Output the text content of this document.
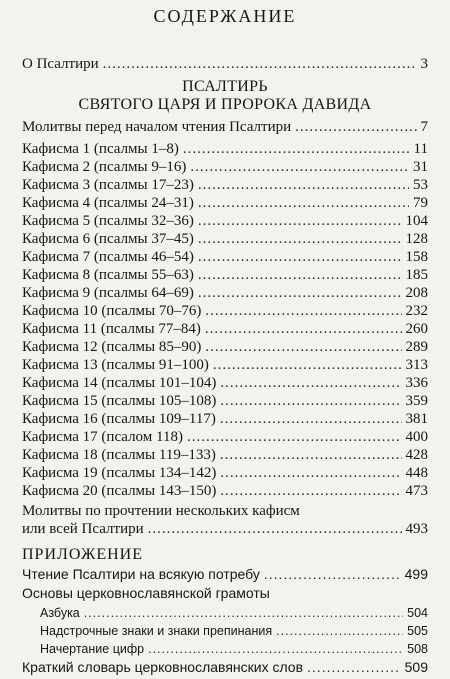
СОДЕРЖАНИЕ
О Псалтири .....	3
ПСАЛТИРЬ
СВЯТОГО ЦАРЯ И ПРОРОКА ДАВИДА
Молитвы перед началом чтения Псалтири .....	7
Кафисма 1 (псалмы 1–8) .....	11
Кафисма 2 (псалмы 9–16) .....	31
Кафисма 3 (псалмы 17–23) .....	53
Кафисма 4 (псалмы 24–31) .....	79
Кафисма 5 (псалмы 32–36) .....	104
Кафисма 6 (псалмы 37–45) .....	128
Кафисма 7 (псалмы 46–54) .....	158
Кафисма 8 (псалмы 55–63) .....	185
Кафисма 9 (псалмы 64–69) .....	208
Кафисма 10 (псалмы 70–76) .....	232
Кафисма 11 (псалмы 77–84) .....	260
Кафисма 12 (псалмы 85–90) .....	289
Кафисма 13 (псалмы 91–100) .....	313
Кафисма 14 (псалмы 101–104) .....	336
Кафисма 15 (псалмы 105–108) .....	359
Кафисма 16 (псалмы 109–117) .....	381
Кафисма 17 (псалом 118) .....	400
Кафисма 18 (псалмы 119–133) .....	428
Кафисма 19 (псалмы 134–142) .....	448
Кафисма 20 (псалмы 143–150) .....	473
Молитвы по прочтении нескольких кафисм
или всей Псалтири .....	493
ПРИЛОЖЕНИЕ
Чтение Псалтири на всякую потребу .....	499
Основы церковнославянской грамоты
Азбука .....	504
Надстрочные знаки и знаки препинания .....	505
Начертание цифр .....	508
Краткий словарь церковнославянских слов .....	509
